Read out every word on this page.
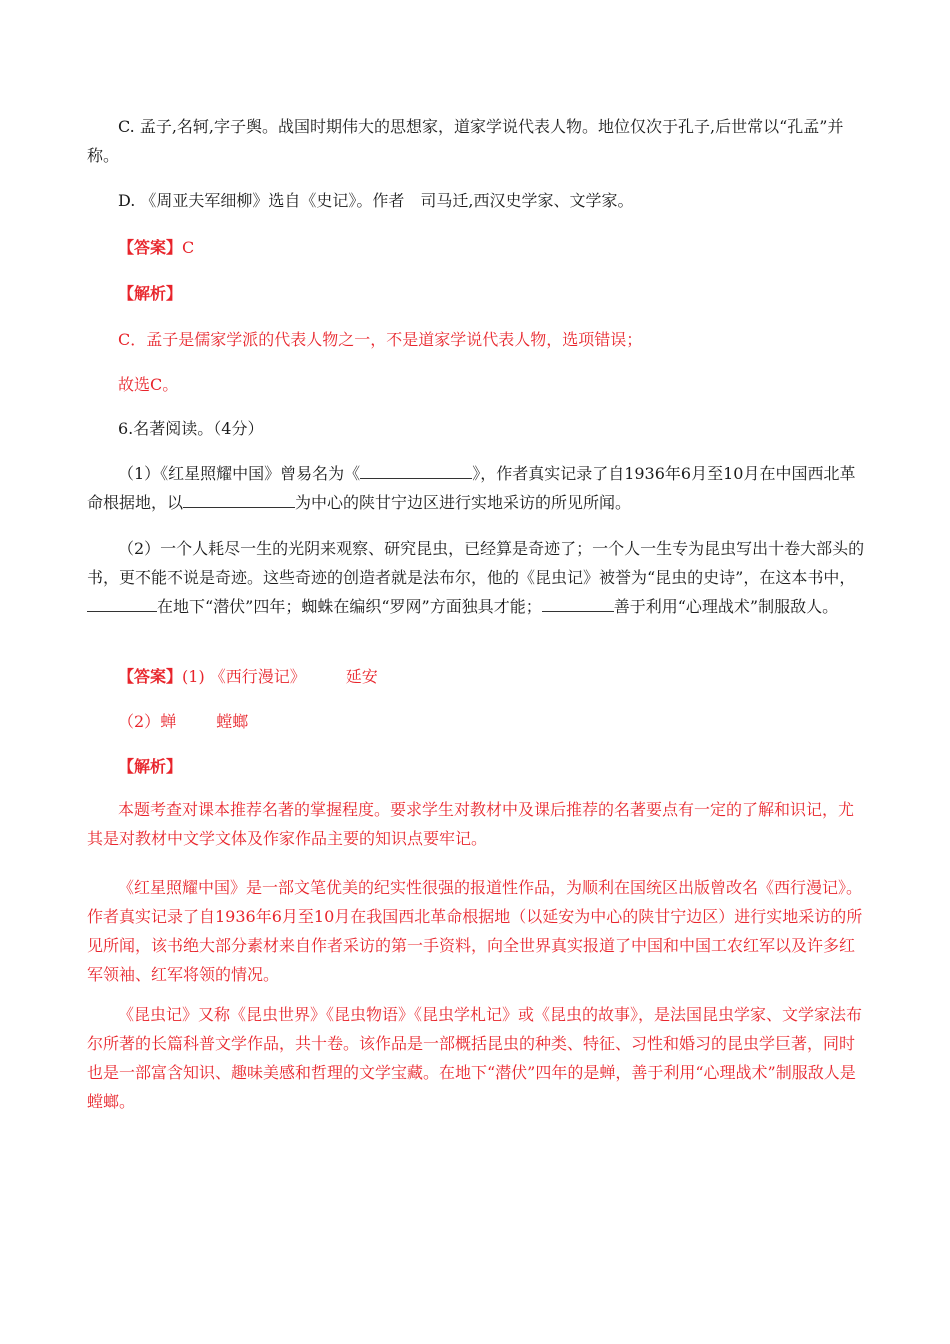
C. 孟子,名轲,字子舆。战国时期伟大的思想家，道家学说代表人物。地位仅次于孔子,后世常以“孔孟”并称。

D. 《周亚夫军细柳》选自《史记》。作者　司马迁,西汉史学家、文学家。

【答案】C

【解析】

C．孟子是儒家学派的代表人物之一，不是道家学说代表人物，选项错误；

故选C。

6.名著阅读。（4分）

（1）《红星照耀中国》曾易名为《	》，作者真实记录了自1936年6月至10月在中国西北革命根据地，以	为中心的陕甘宁边区进行实地采访的所见所闻。

（2）一个人耗尽一生的光阴来观察、研究昆虫，已经算是奇迹了；一个人一生专为昆虫写出十卷大部头的书，更不能不说是奇迹。这些奇迹的创造者就是法布尔，他的《昆虫记》被誉为“昆虫的史诗”，在这本书中，在地下“潜伏”四年；蜘蛛在编织“罗网”方面独具才能；	善于利用“心理战术”制服敌人。

【答案】(1) 《西行漫记》	延安

（2）蝉	螳螂

【解析】

本题考查对课本推荐名著的掌握程度。要求学生对教材中及课后推荐的名著要点有一定的了解和识记，尤其是对教材中文学文体及作家作品主要的知识点要牢记。

《红星照耀中国》是一部文笔优美的纪实性很强的报道性作品，为顺利在国统区出版曾改名《西行漫记》。作者真实记录了自1936年6月至10月在我国西北革命根据地（以延安为中心的陕甘宁边区）进行实地采访的所见所闻，该书绝大部分素材来自作者采访的第一手资料，向全世界真实报道了中国和中国工农红军以及许多红军领袖、红军将领的情况。

《昆虫记》又称《昆虫世界》《昆虫物语》《昆虫学札记》或《昆虫的故事》，是法国昆虫学家、文学家法布尔所著的长篇科普文学作品，共十卷。该作品是一部概括昆虫的种类、特征、习性和婚习的昆虫学巨著，同时也是一部富含知识、趣味美感和哲理的文学宝藏。在地下“潜伏”四年的是蝉，善于利用“心理战术”制服敌人是螳螂。
